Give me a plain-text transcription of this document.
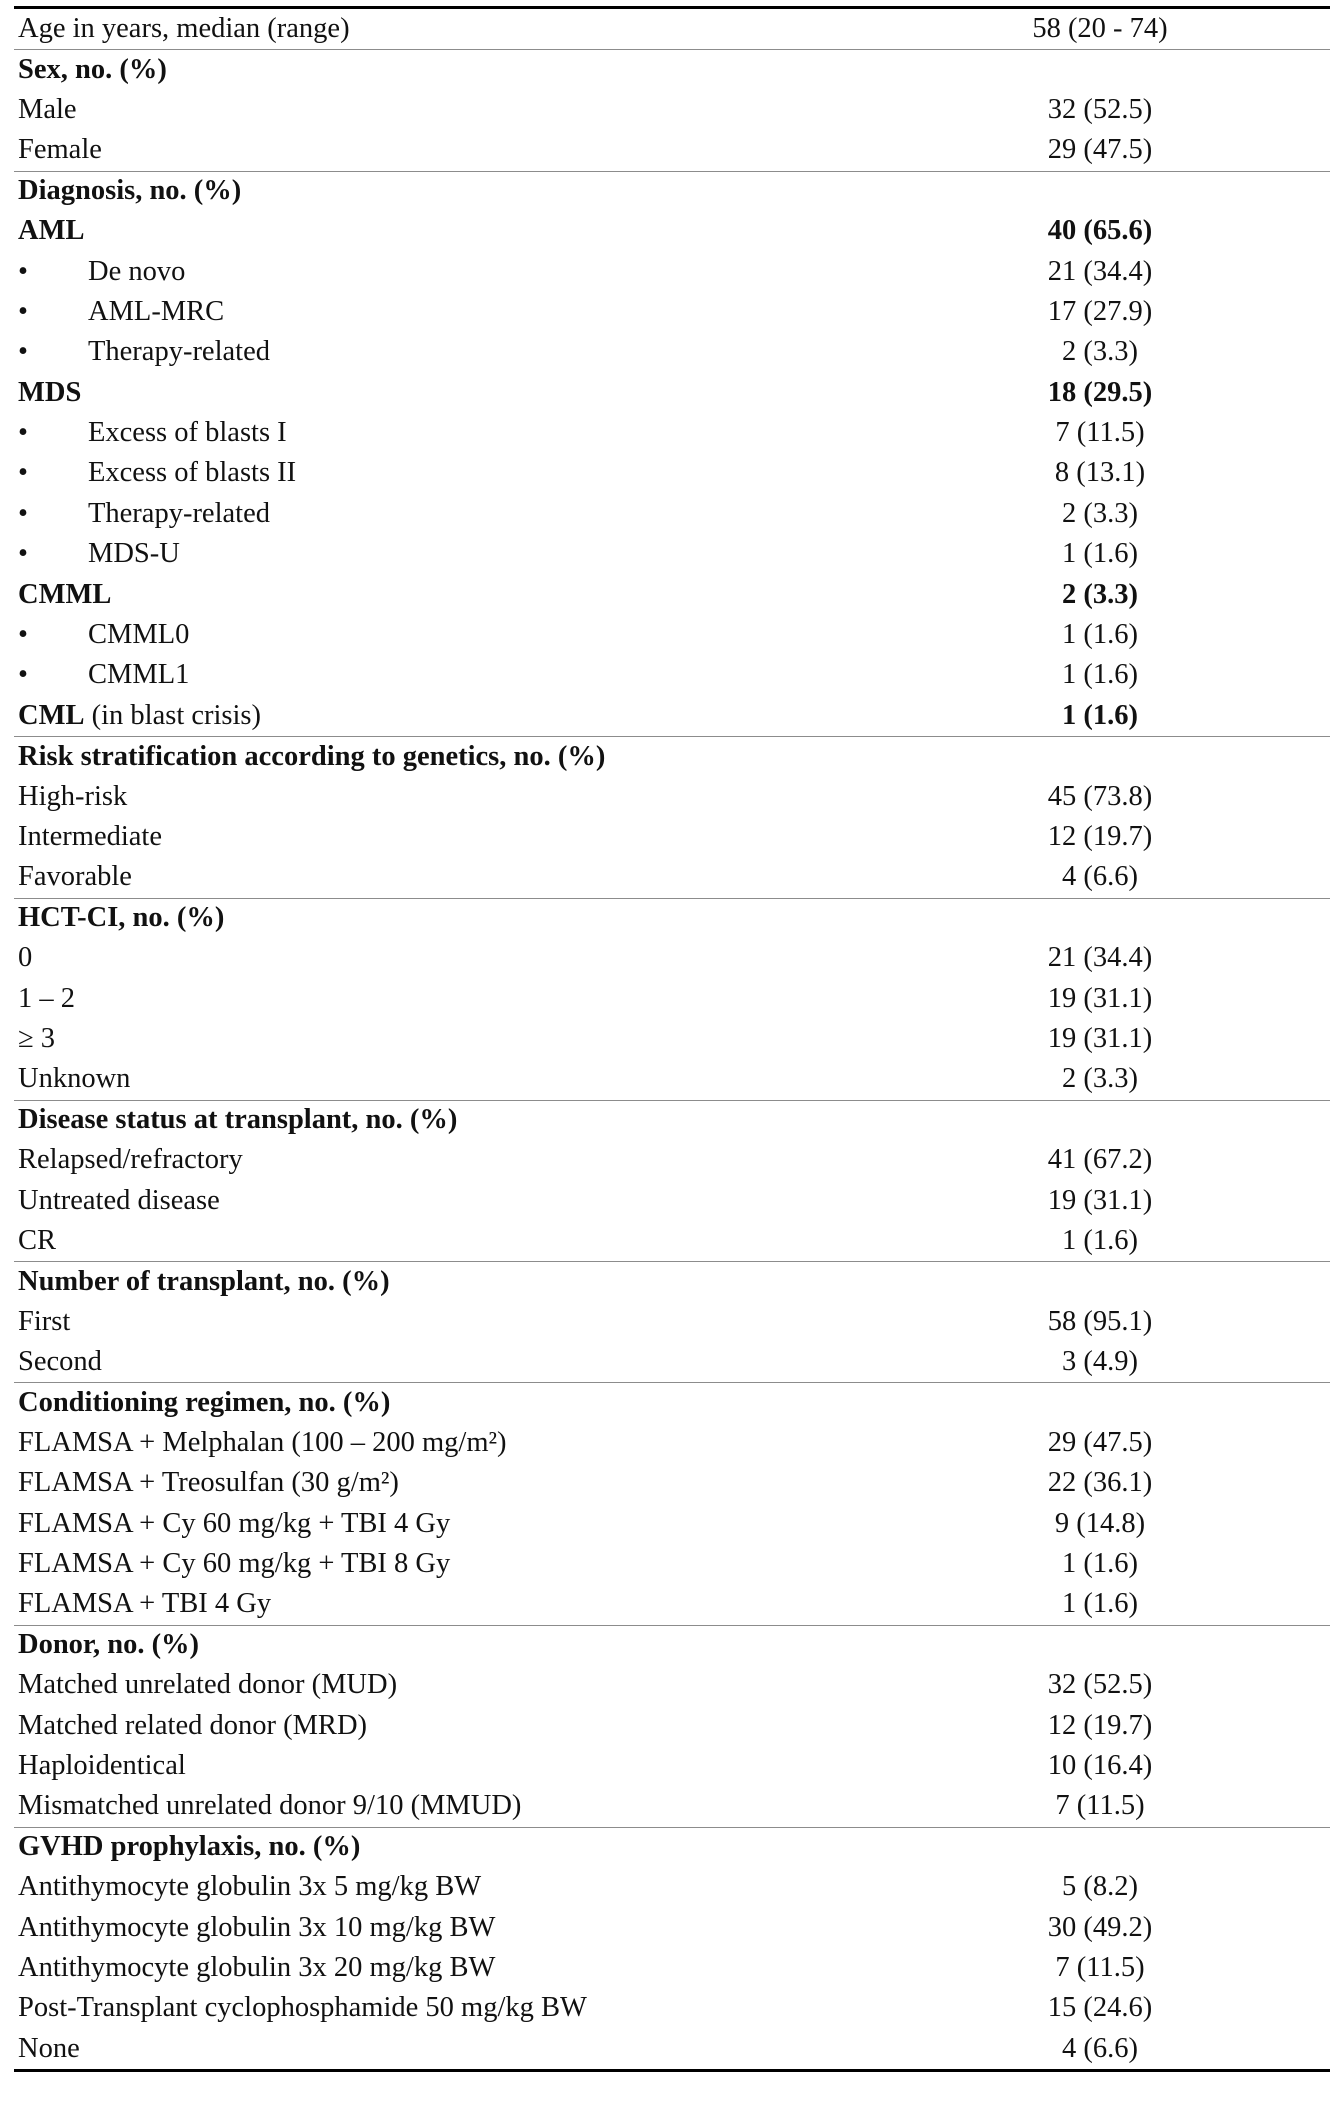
Age in years, median (range)	58 (20 - 74)
Sex, no. (%)
Male	32 (52.5)
Female	29 (47.5)
Diagnosis, no. (%)
AML	40 (65.6)
• De novo	21 (34.4)
• AML-MRC	17 (27.9)
• Therapy-related	2 (3.3)
MDS	18 (29.5)
• Excess of blasts I	7 (11.5)
• Excess of blasts II	8 (13.1)
• Therapy-related	2 (3.3)
• MDS-U	1 (1.6)
CMML	2 (3.3)
• CMML0	1 (1.6)
• CMML1	1 (1.6)
CML (in blast crisis)	1 (1.6)
Risk stratification according to genetics, no. (%)
High-risk	45 (73.8)
Intermediate	12 (19.7)
Favorable	4 (6.6)
HCT-CI, no. (%)
0	21 (34.4)
1 – 2	19 (31.1)
≥ 3	19 (31.1)
Unknown	2 (3.3)
Disease status at transplant, no. (%)
Relapsed/refractory	41 (67.2)
Untreated disease	19 (31.1)
CR	1 (1.6)
Number of transplant, no. (%)
First	58 (95.1)
Second	3 (4.9)
Conditioning regimen, no. (%)
FLAMSA + Melphalan (100 – 200 mg/m²)	29 (47.5)
FLAMSA + Treosulfan (30 g/m²)	22 (36.1)
FLAMSA + Cy 60 mg/kg + TBI 4 Gy	9 (14.8)
FLAMSA + Cy 60 mg/kg + TBI 8 Gy	1 (1.6)
FLAMSA + TBI 4 Gy	1 (1.6)
Donor, no. (%)
Matched unrelated donor (MUD)	32 (52.5)
Matched related donor (MRD)	12 (19.7)
Haploidentical	10 (16.4)
Mismatched unrelated donor 9/10 (MMUD)	7 (11.5)
GVHD prophylaxis, no. (%)
Antithymocyte globulin 3x 5 mg/kg BW	5 (8.2)
Antithymocyte globulin 3x 10 mg/kg BW	30 (49.2)
Antithymocyte globulin 3x 20 mg/kg BW	7 (11.5)
Post-Transplant cyclophosphamide 50 mg/kg BW	15 (24.6)
None	4 (6.6)
